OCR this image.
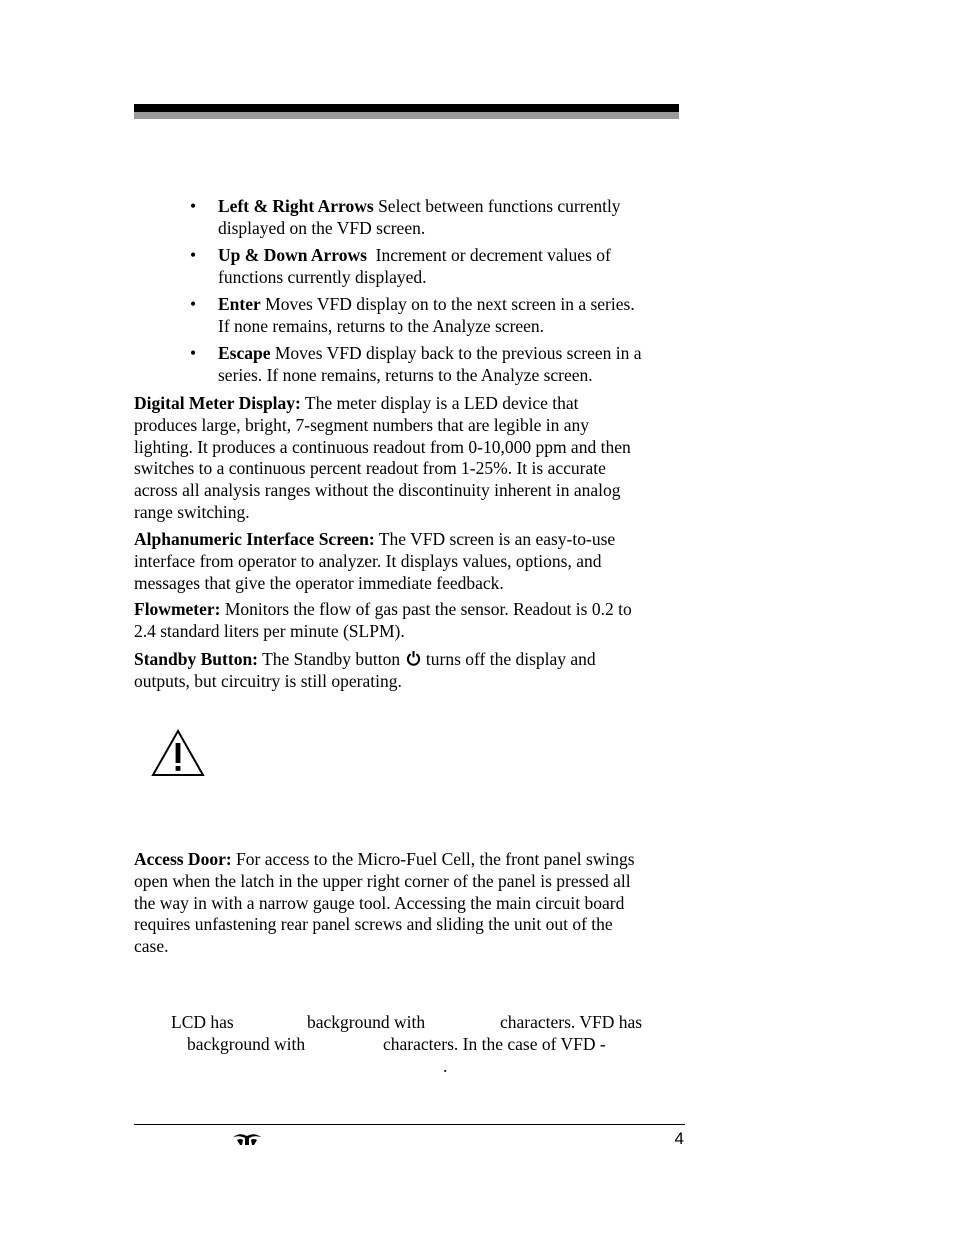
• Left & Right Arrows Select between functions currently
displayed on the VFD screen.
• Up & Down Arrows  Increment or decrement values of
functions currently displayed.
• Enter Moves VFD display on to the next screen in a series.
If none remains, returns to the Analyze screen.
• Escape Moves VFD display back to the previous screen in a
series. If none remains, returns to the Analyze screen.

Digital Meter Display: The meter display is a LED device that
produces large, bright, 7-segment numbers that are legible in any
lighting. It produces a continuous readout from 0-10,000 ppm and then
switches to a continuous percent readout from 1-25%. It is accurate
across all analysis ranges without the discontinuity inherent in analog
range switching.

Alphanumeric Interface Screen: The VFD screen is an easy-to-use
interface from operator to analyzer. It displays values, options, and
messages that give the operator immediate feedback.

Flowmeter: Monitors the flow of gas past the sensor. Readout is 0.2 to
2.4 standard liters per minute (SLPM).

Standby Button: The Standby button  turns off the display and
outputs, but circuitry is still operating.

Access Door: For access to the Micro-Fuel Cell, the front panel swings
open when the latch in the upper right corner of the panel is pressed all
the way in with a narrow gauge tool. Accessing the main circuit board
requires unfastening rear panel screws and sliding the unit out of the
case.

LCD has	background with	characters. VFD has
background with	characters. In the case of VFD -
.
4
